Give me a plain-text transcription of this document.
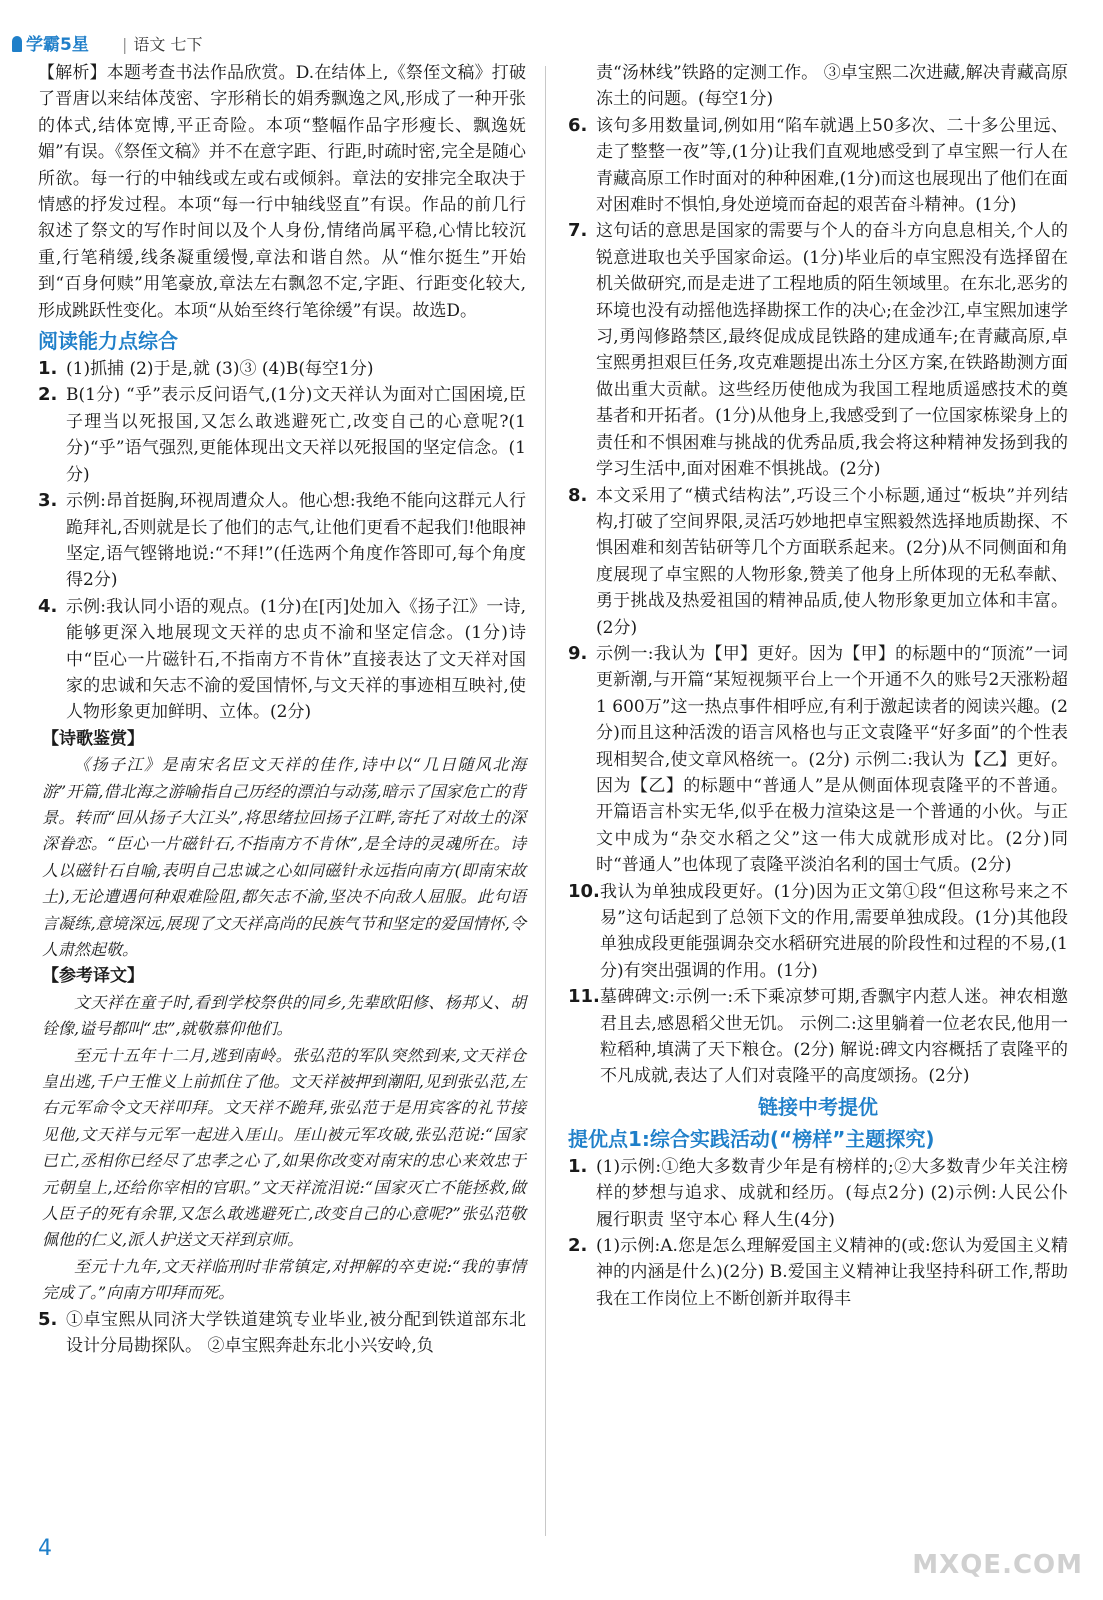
学霸5星 | 语文 七下

【解析】本题考查书法作品欣赏。D.在结体上,《祭侄文稿》打破了晋唐以来结体茂密、字形稍长的娟秀飘逸之风,形成了一种开张的体式,结体宽博,平正奇险。本项“整幅作品字形瘦长、飘逸妩媚”有误。《祭侄文稿》并不在意字距、行距,时疏时密,完全是随心所欲。每一行的中轴线或左或右或倾斜。章法的安排完全取决于情感的抒发过程。本项“每一行中轴线竖直”有误。作品的前几行叙述了祭文的写作时间以及个人身份,情绪尚属平稳,心情比较沉重,行笔稍缓,线条凝重缓慢,章法和谐自然。从“惟尔挺生”开始到“百身何赎”用笔豪放,章法左右飘忽不定,字距、行距变化较大,形成跳跃性变化。本项“从始至终行笔徐缓”有误。故选D。

阅读能力点综合
1. (1)抓捕 (2)于是,就 (3)③ (4)B(每空1分)
2. B(1分) “乎”表示反问语气,(1分)文天祥认为面对亡国困境,臣子理当以死报国,又怎么敢逃避死亡,改变自己的心意呢?(1分)“乎”语气强烈,更能体现出文天祥以死报国的坚定信念。(1分)
3. 示例:昂首挺胸,环视周遭众人。他心想:我绝不能向这群元人行跪拜礼,否则就是长了他们的志气,让他们更看不起我们!他眼神坚定,语气铿锵地说:“不拜!”(任选两个角度作答即可,每个角度得2分)
4. 示例:我认同小语的观点。(1分)在[丙]处加入《扬子江》一诗,能够更深入地展现文天祥的忠贞不渝和坚定信念。(1分)诗中“臣心一片磁针石,不指南方不肯休”直接表达了文天祥对国家的忠诚和矢志不渝的爱国情怀,与文天祥的事迹相互映衬,使人物形象更加鲜明、立体。(2分)
【诗歌鉴赏】

《扬子江》是南宋名臣文天祥的佳作,诗中以“几日随风北海游”开篇,借北海之游喻指自己历经的漂泊与动荡,暗示了国家危亡的背景。转而“回从扬子大江头”,将思绪拉回扬子江畔,寄托了对故土的深深眷恋。“臣心一片磁针石,不指南方不肯休”,是全诗的灵魂所在。诗人以磁针石自喻,表明自己忠诚之心如同磁针永远指向南方(即南宋故土),无论遭遇何种艰难险阻,都矢志不渝,坚决不向敌人屈服。此句语言凝练,意境深远,展现了文天祥高尚的民族气节和坚定的爱国情怀,令人肃然起敬。

【参考译文】

文天祥在童子时,看到学校祭供的同乡,先辈欧阳修、杨邦乂、胡铨像,谥号都叫“忠”,就敬慕仰他们。

至元十五年十二月,逃到南岭。张弘范的军队突然到来,文天祥仓皇出逃,千户王惟义上前抓住了他。文天祥被押到潮阳,见到张弘范,左右元军命令文天祥叩拜。文天祥不跪拜,张弘范于是用宾客的礼节接见他,文天祥与元军一起进入厓山。厓山被元军攻破,张弘范说:“国家已亡,丞相你已经尽了忠孝之心了,如果你改变对南宋的忠心来效忠于元朝皇上,还给你宰相的官职。”文天祥流泪说:“国家灭亡不能拯救,做人臣子的死有余罪,又怎么敢逃避死亡,改变自己的心意呢?”张弘范敬佩他的仁义,派人护送文天祥到京师。

至元十九年,文天祥临刑时非常镇定,对押解的卒吏说:“我的事情完成了。”向南方叩拜而死。

5. ①卓宝熙从同济大学铁道建筑专业毕业,被分配到铁道部东北设计分局勘探队。 ②卓宝熙奔赴东北小兴安岭,负
责“汤林线”铁路的定测工作。 ③卓宝熙二次进藏,解决青藏高原冻土的问题。(每空1分)
6. 该句多用数量词,例如用“陷车就遇上50多次、二十多公里远、走了整整一夜”等,(1分)让我们直观地感受到了卓宝熙一行人在青藏高原工作时面对的种种困难,(1分)而这也展现出了他们在面对困难时不惧怕,身处逆境而奋起的艰苦奋斗精神。(1分)
7. 这句话的意思是国家的需要与个人的奋斗方向息息相关,个人的锐意进取也关乎国家命运。(1分)毕业后的卓宝熙没有选择留在机关做研究,而是走进了工程地质的陌生领域里。在东北,恶劣的环境也没有动摇他选择勘探工作的决心;在金沙江,卓宝熙加速学习,勇闯修路禁区,最终促成成昆铁路的建成通车;在青藏高原,卓宝熙勇担艰巨任务,攻克难题提出冻土分区方案,在铁路勘测方面做出重大贡献。这些经历使他成为我国工程地质遥感技术的奠基者和开拓者。(1分)从他身上,我感受到了一位国家栋梁身上的责任和不惧困难与挑战的优秀品质,我会将这种精神发扬到我的学习生活中,面对困难不惧挑战。(2分)
8. 本文采用了“横式结构法”,巧设三个小标题,通过“板块”并列结构,打破了空间界限,灵活巧妙地把卓宝熙毅然选择地质勘探、不惧困难和刻苦钻研等几个方面联系起来。(2分)从不同侧面和角度展现了卓宝熙的人物形象,赞美了他身上所体现的无私奉献、勇于挑战及热爱祖国的精神品质,使人物形象更加立体和丰富。(2分)
9. 示例一:我认为【甲】更好。因为【甲】的标题中的“顶流”一词更新潮,与开篇“某短视频平台上一个开通不久的账号2天涨粉超1 600万”这一热点事件相呼应,有利于激起读者的阅读兴趣。(2分)而且这种活泼的语言风格也与正文袁隆平“好多面”的个性表现相契合,使文章风格统一。(2分) 示例二:我认为【乙】更好。因为【乙】的标题中“普通人”是从侧面体现袁隆平的不普通。开篇语言朴实无华,似乎在极力渲染这是一个普通的小伙。与正文中成为“杂交水稻之父”这一伟大成就形成对比。(2分)同时“普通人”也体现了袁隆平淡泊名利的国士气质。(2分)
10. 我认为单独成段更好。(1分)因为正文第①段“但这称号来之不易”这句话起到了总领下文的作用,需要单独成段。(1分)其他段单独成段更能强调杂交水稻研究进展的阶段性和过程的不易,(1分)有突出强调的作用。(1分)
11. 墓碑碑文:示例一:禾下乘凉梦可期,香飘宇内惹人迷。神农相邀君且去,感恩稻父世无饥。 示例二:这里躺着一位老农民,他用一粒稻种,填满了天下粮仓。(2分) 解说:碑文内容概括了袁隆平的不凡成就,表达了人们对袁隆平的高度颂扬。(2分)
链接中考提优
提优点1:综合实践活动(“榜样”主题探究)
1. (1)示例:①绝大多数青少年是有榜样的;②大多数青少年关注榜样的梦想与追求、成就和经历。(每点2分) (2)示例:人民公仆 履行职责 坚守本心 释人生(4分)
2. (1)示例:A.您是怎么理解爱国主义精神的(或:您认为爱国主义精神的内涵是什么)(2分) B.爱国主义精神让我坚持科研工作,帮助我在工作岗位上不断创新并取得丰
4
MXQE.COM
